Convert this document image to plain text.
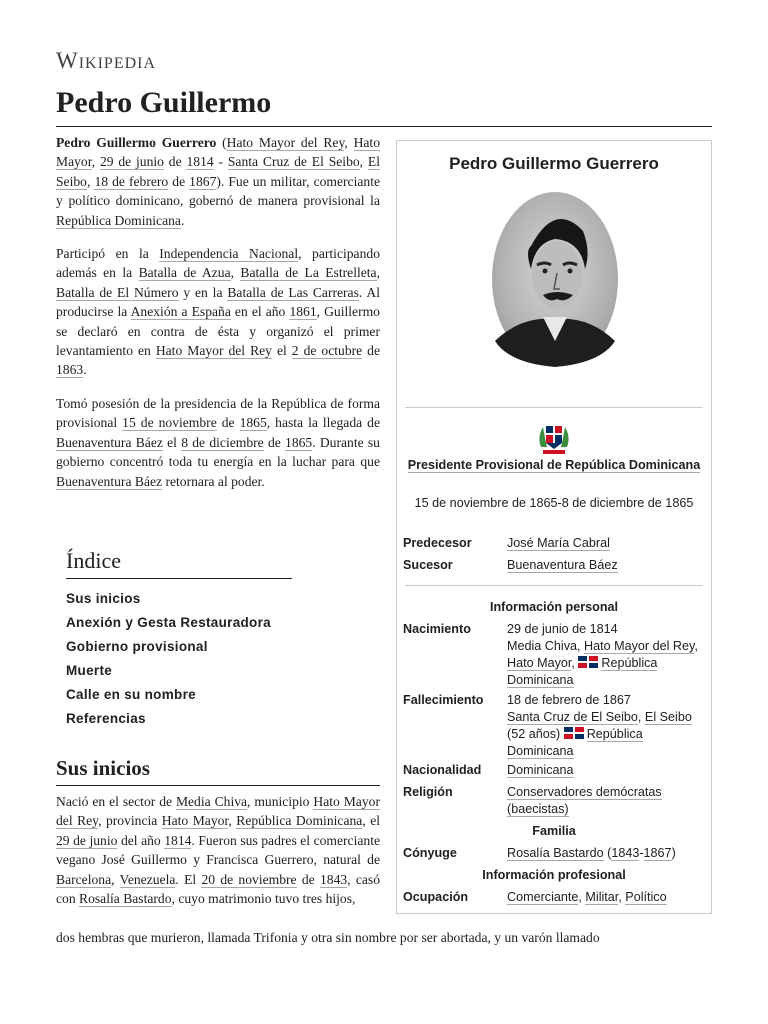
Wikipedia
Pedro Guillermo

Pedro Guillermo Guerrero (Hato Mayor del Rey, Hato Mayor, 29 de junio de 1814 - Santa Cruz de El Seibo, El Seibo, 18 de febrero de 1867). Fue un militar, comerciante y político dominicano, gobernó de manera provisional la República Dominicana.

Participó en la Independencia Nacional, participando además en la Batalla de Azua, Batalla de La Estrelleta, Batalla de El Número y en la Batalla de Las Carreras. Al producirse la Anexión a España en el año 1861, Guillermo se declaró en contra de ésta y organizó el primer levantamiento en Hato Mayor del Rey el 2 de octubre de 1863.

Tomó posesión de la presidencia de la República de forma provisional 15 de noviembre de 1865, hasta la llegada de Buenaventura Báez el 8 de diciembre de 1865. Durante su gobierno concentró toda tu energía en la luchar para que Buenaventura Báez retornara al poder.

Índice
Sus inicios
Anexión y Gesta Restauradora
Gobierno provisional
Muerte
Calle en su nombre
Referencias
Sus inicios

Nació en el sector de Media Chiva, municipio Hato Mayor del Rey, provincia Hato Mayor, República Dominicana, el 29 de junio del año 1814. Fueron sus padres el comerciante vegano José Guillermo y Francisca Guerrero, natural de Barcelona, Venezuela. El 20 de noviembre de 1843, casó con Rosalía Bastardo, cuyo matrimonio tuvo tres hijos,

dos hembras que murieron, llamada Trifonia y otra sin nombre por ser abortada, y un varón llamado
Pedro Guillermo Guerrero
Presidente Provisional de República Dominicana
15 de noviembre de 1865-8 de diciembre de 1865
Predecesor	José María Cabral
Sucesor	Buenaventura Báez
Información personal
Nacimiento	29 de junio de 1814
Media Chiva, Hato Mayor del Rey, Hato Mayor, República Dominicana
Fallecimiento	18 de febrero de 1867
Santa Cruz de El Seibo, El Seibo (52 años) República Dominicana
Nacionalidad	Dominicana
Religión	Conservadores demócratas (baecistas)
Familia
Cónyuge	Rosalía Bastardo (1843-1867)
Información profesional
Ocupación	Comerciante, Militar, Político
